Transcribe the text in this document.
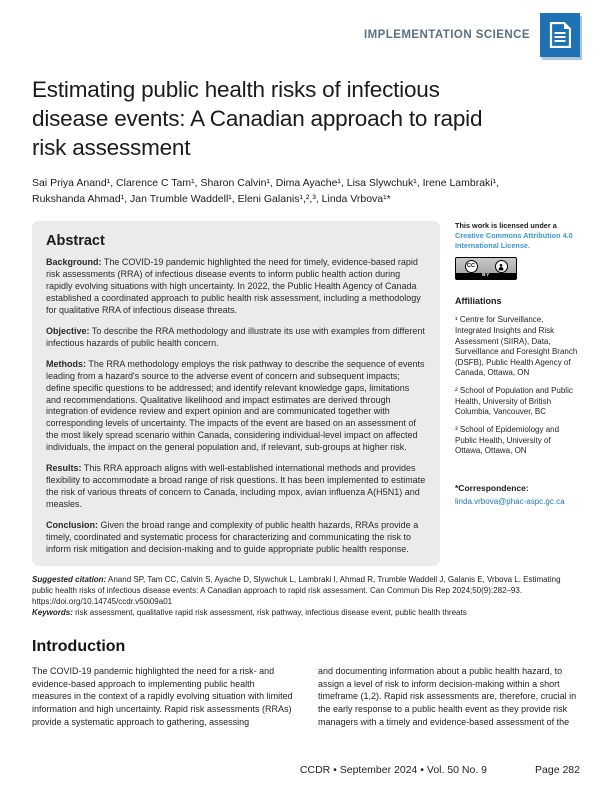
IMPLEMENTATION SCIENCE
Estimating public health risks of infectious
disease events: A Canadian approach to rapid
risk assessment
Sai Priya Anand¹, Clarence C Tam¹, Sharon Calvin¹, Dima Ayache¹, Lisa Slywchuk¹, Irene Lambraki¹,
Rukshanda Ahmad¹, Jan Trumble Waddell¹, Eleni Galanis¹,²,³, Linda Vrbova¹*
Abstract

Background: The COVID-19 pandemic highlighted the need for timely, evidence-based rapid risk assessments (RRA) of infectious disease events to inform public health action during rapidly evolving situations with high uncertainty. In 2022, the Public Health Agency of Canada established a coordinated approach to public health risk assessment, including a methodology for qualitative RRA of infectious disease threats.

Objective: To describe the RRA methodology and illustrate its use with examples from different infectious hazards of public health concern.

Methods: The RRA methodology employs the risk pathway to describe the sequence of events leading from a hazard's source to the adverse event of concern and subsequent impacts; define specific questions to be addressed; and identify relevant knowledge gaps, limitations and recommendations. Qualitative likelihood and impact estimates are derived through integration of evidence review and expert opinion and are communicated together with corresponding levels of uncertainty. The impacts of the event are based on an assessment of the most likely spread scenario within Canada, considering individual-level impact on affected individuals, the impact on the general population and, if relevant, sub-groups at higher risk.

Results: This RRA approach aligns with well-established international methods and provides flexibility to accommodate a broad range of risk questions. It has been implemented to estimate the risk of various threats of concern to Canada, including mpox, avian influenza A(H5N1) and measles.

Conclusion: Given the broad range and complexity of public health hazards, RRAs provide a timely, coordinated and systematic process for characterizing and communicating the risk to inform risk mitigation and decision-making and to guide appropriate public health response.

This work is licensed under a Creative Commons Attribution 4.0 International License.
CC
BY
Affiliations
¹ Centre for Surveillance, Integrated Insights and Risk Assessment (SIIRA), Data, Surveillance and Foresight Branch (DSFB), Public Health Agency of Canada, Ottawa, ON
² School of Population and Public Health, University of British Columbia, Vancouver, BC
³ School of Epidemiology and Public Health, University of Ottawa, Ottawa, ON
*Correspondence:
linda.vrbova@phac-aspc.gc.ca
Suggested citation: Anand SP, Tam CC, Calvin S, Ayache D, Slywchuk L, Lambraki I, Ahmad R, Trumble Waddell J, Galanis E, Vrbova L. Estimating public health risks of infectious disease events: A Canadian approach to rapid risk assessment. Can Commun Dis Rep 2024;50(9):282–93. https://doi.org/10.14745/ccdr.v50i09a01
Keywords: risk assessment, qualitative rapid risk assessment, risk pathway, infectious disease event, public health threats
Introduction
The COVID-19 pandemic highlighted the need for a risk- and evidence-based approach to implementing public health measures in the context of a rapidly evolving situation with limited information and high uncertainty. Rapid risk assessments (RRAs) provide a systematic approach to gathering, assessing
and documenting information about a public health hazard, to assign a level of risk to inform decision-making within a short timeframe (1,2). Rapid risk assessments are, therefore, crucial in the early response to a public health event as they provide risk managers with a timely and evidence-based assessment of the
CCDR • September 2024 • Vol. 50 No. 9	Page 282
